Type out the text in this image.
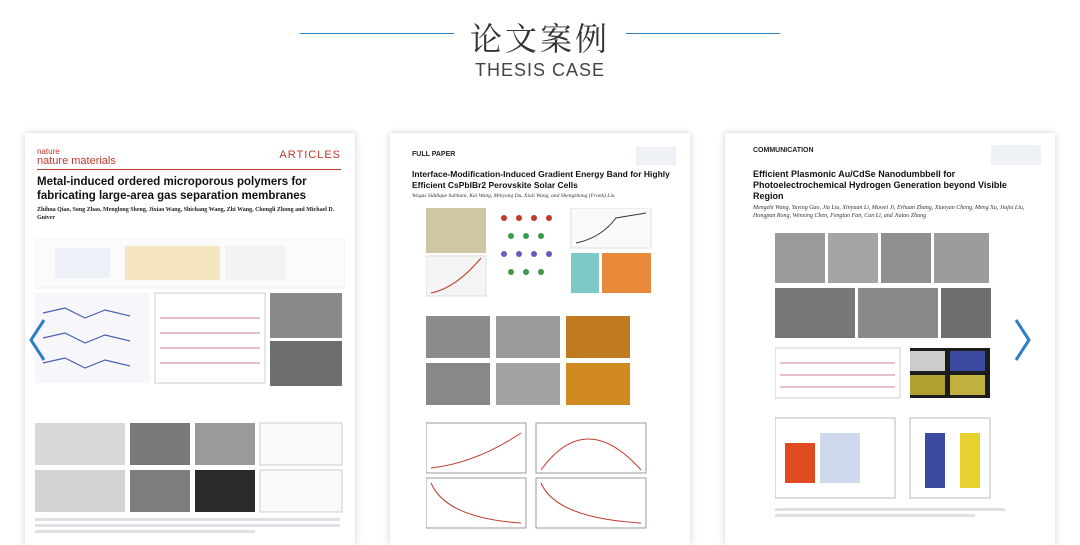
论文案例
THESIS CASE
nature
nature materials	ARTICLES
Metal-induced ordered microporous polymers for fabricating large-area gas separation membranes
Zhihua Qiao, Song Zhao, Menglong Sheng, Jixiao Wang, Shichang Wang, Zhi Wang, Chongli Zhong and Michael D. Guiver
FULL PAPER
Interface-Modification-Induced Gradient Energy Band for Highly Efficient CsPbIBr2 Perovskite Solar Cells
Waqas Siddique Subhani, Kai Wang, Minyong Du, Xiuli Wang, and Shengzhong (Frank) Liu
COMMUNICATION
Efficient Plasmonic Au/CdSe Nanodumbbell for Photoelectrochemical Hydrogen Generation beyond Visible Region
Mengzhi Wang, Yuying Gao, Jia Liu, Xinyuan Li, Muwei Ji, Erhuan Zhang, Xiaoyan Cheng, Meng Xu, Jiajia Liu, Hongpan Rong, Wenxing Chen, Fengtao Fan, Can Li, and Jiatao Zhang
